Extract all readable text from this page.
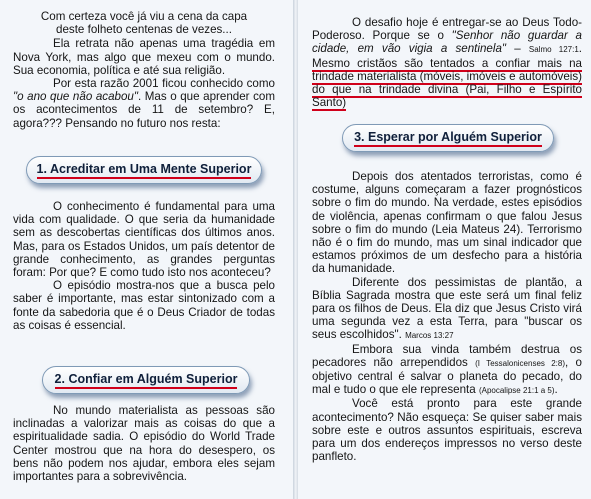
Com certeza você já viu a cena da capa

deste folheto centenas de vezes...

Ela retrata não apenas uma tragédia em Nova York, mas algo que mexeu com o mundo. Sua economia, política e até sua religião.

Por esta razão 2001 ficou conhecido como "o ano que não acabou". Mas o que aprender com os acontecimentos de 11 de setembro? E, agora??? Pensando no futuro nos resta:

1. Acreditar em Uma Mente Superior

O conhecimento é fundamental para uma vida com qualidade. O que seria da humanidade sem as descobertas científicas dos últimos anos. Mas, para os Estados Unidos, um país detentor de grande conhecimento, as grandes perguntas foram: Por que? E como tudo isto nos aconteceu?

O episódio mostra-nos que a busca pelo saber é importante, mas estar sintonizado com a fonte da sabedoria que é o Deus Criador de todas as coisas é essencial.

2. Confiar em Alguém Superior

No mundo materialista as pessoas são inclinadas a valorizar mais as coisas do que a espiritualidade sadia. O episódio do World Trade Center mostrou que na hora do desespero, os bens não podem nos ajudar, embora eles sejam importantes para a sobrevivência.

O desafio hoje é entregar-se ao Deus Todo-Poderoso. Porque se o "Senhor não guardar a cidade, em vão vigia a sentinela" – Salmo 127:1. Mesmo cristãos são tentados a confiar mais na trindade materialista (móveis, imóveis e automóveis) do que na trindade divina (Pai, Filho e Espírito Santo)

3. Esperar por Alguém Superior

Depois dos atentados terroristas, como é costume, alguns começaram a fazer prognósticos sobre o fim do mundo. Na verdade, estes episódios de violência, apenas confirmam o que falou Jesus sobre o fim do mundo (Leia Mateus 24). Terrorismo não é o fim do mundo, mas um sinal indicador que estamos próximos de um desfecho para a história da humanidade.

Diferente dos pessimistas de plantão, a Bíblia Sagrada mostra que este será um final feliz para os filhos de Deus. Ela diz que Jesus Cristo virá uma segunda vez a esta Terra, para "buscar os seus escolhidos". Marcos 13:27

Embora sua vinda também destrua os pecadores não arrependidos (I Tessalonicenses 2:8), o objetivo central é salvar o planeta do pecado, do mal e tudo o que ele representa (Apocalipse 21:1 a 5).

Você está pronto para este grande acontecimento? Não esqueça: Se quiser saber mais sobre este e outros assuntos espirituais, escreva para um dos endereços impressos no verso deste panfleto.
